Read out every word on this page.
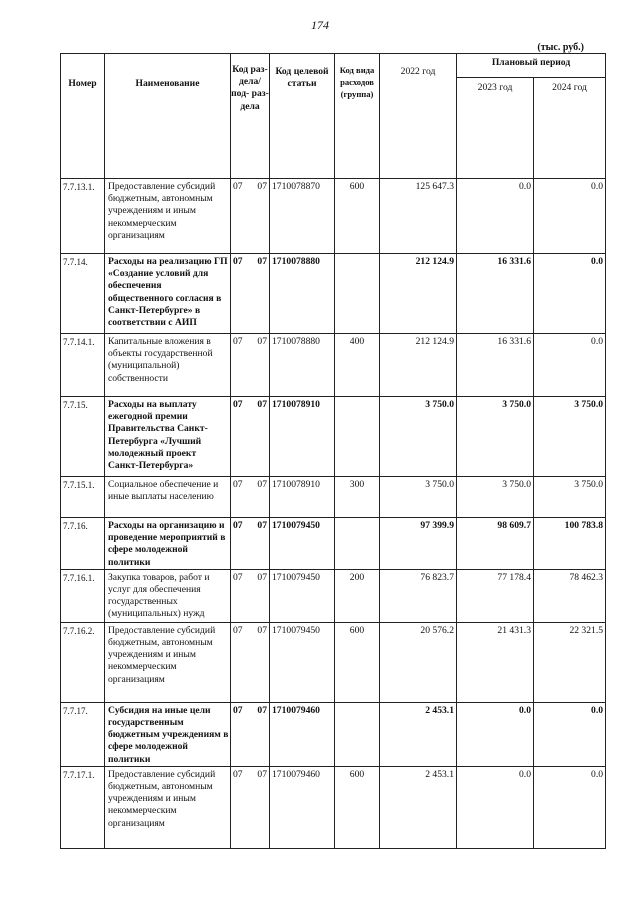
174
(тыс. руб.)
Номер	Наименование	Код раз- дела/ под- раз- дела	Код целевой статьи	Код вида расходов (группа)	2022 год	Плановый период	
						2023 год	2024 год
7.7.13.1.	Предоставление субсидий бюджетным, автономным учреждениям и иным некоммерческим организациям	07 07	1710078870	600	125 647.3	0.0	0.0
7.7.14.	Расходы на реализацию ГП «Создание условий для обеспечения общественного согласия в Санкт-Петербурге» в соответствии с АИП	07 07	1710078880		212 124.9	16 331.6	0.0
7.7.14.1.	Капитальные вложения в объекты государственной (муниципальной) собственности	07 07	1710078880	400	212 124.9	16 331.6	0.0
7.7.15.	Расходы на выплату ежегодной премии Правительства Санкт-Петербурга «Лучший молодежный проект Санкт-Петербурга»	07 07	1710078910		3 750.0	3 750.0	3 750.0
7.7.15.1.	Социальное обеспечение и иные выплаты населению	07 07	1710078910	300	3 750.0	3 750.0	3 750.0
7.7.16.	Расходы на организацию и проведение мероприятий в сфере молодежной политики	07 07	1710079450		97 399.9	98 609.7	100 783.8
7.7.16.1.	Закупка товаров, работ и услуг для обеспечения государственных (муниципальных) нужд	07 07	1710079450	200	76 823.7	77 178.4	78 462.3
7.7.16.2.	Предоставление субсидий бюджетным, автономным учреждениям и иным некоммерческим организациям	07 07	1710079450	600	20 576.2	21 431.3	22 321.5
7.7.17.	Субсидия на иные цели государственным бюджетным учреждениям в сфере молодежной политики	07 07	1710079460		2 453.1	0.0	0.0
7.7.17.1.	Предоставление субсидий бюджетным, автономным учреждениям и иным некоммерческим организациям	07 07	1710079460	600	2 453.1	0.0	0.0
